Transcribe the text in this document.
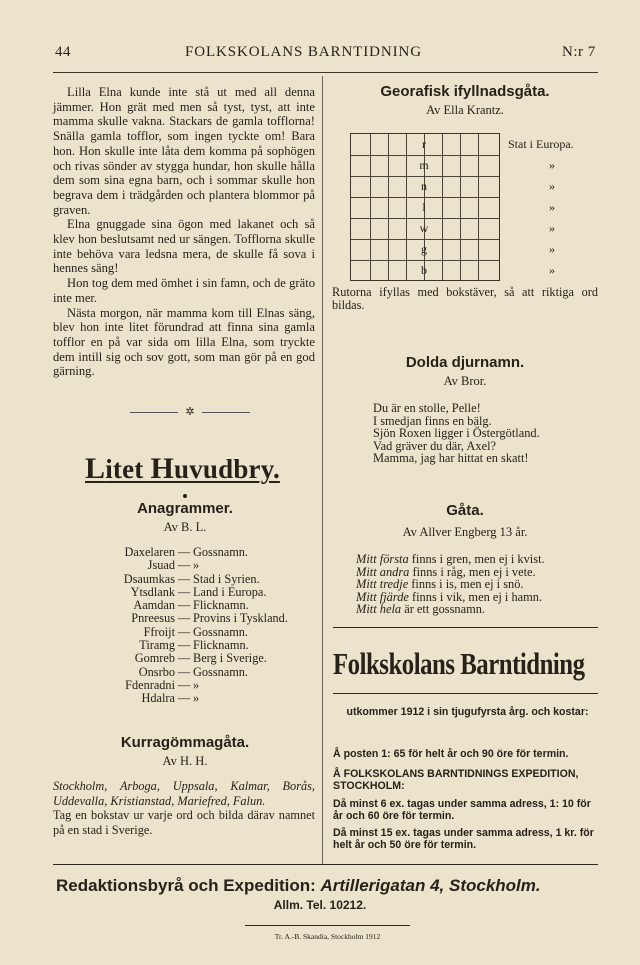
44	FOLKSKOLANS BARNTIDNING	N:r 7

Lilla Elna kunde inte stå ut med all denna jämmer. Hon grät med men så tyst, tyst, att inte mamma skulle vakna. Stackars de gamla tofflorna! Snälla gamla tofflor, som ingen tyckte om! Bara hon. Hon skulle inte låta dem komma på sophögen och rivas sönder av stygga hundar, hon skulle hålla dem som sina egna barn, och i sommar skulle hon begrava dem i trädgården och plantera blommor på graven.

Elna gnuggade sina ögon med lakanet och så klev hon beslutsamt ned ur sängen. Tofflorna skulle inte behöva vara ledsna mera, de skulle få sova i hennes säng!

Hon tog dem med ömhet i sin famn, och de gräto inte mer.

Nästa morgon, när mamma kom till Elnas säng, blev hon inte litet förundrad att finna sina gamla tofflor en på var sida om lilla Elna, som tryckte dem intill sig och sov gott, som man gör på en god gärning.

✲
Litet Huvudbry.
Anagrammer.
Av B. L.
Daxelaren — Gossnamn.
Jsuad — »
Dsaumkas — Stad i Syrien.
Ytsdlank — Land i Europa.
Aamdan — Flicknamn.
Pnreesus — Provins i Tyskland.
Ffroijt — Gossnamn.
Tiramg — Flicknamn.
Gomreb — Berg i Sverige.
Onsrbo — Gossnamn.
Fdenradni — »
Hdalra — »
Kurragömmagåta.
Av H. H.
Stockholm, Arboga, Uppsala, Kalmar, Borås, Uddevalla, Kristianstad, Mariefred, Falun.
Tag en bokstav ur varje ord och bilda därav namnet på en stad i Sverige.
Georafisk ifyllnadsgåta.
Av Ella Krantz.
r
m
n
l
w
g
b
Stat i Europa.
»
»
»
»
»
»
Rutorna ifyllas med bokstäver, så att riktiga ord bildas.
Dolda djurnamn.
Av Bror.
Du är en stolle, Pelle!
I smedjan finns en bälg.
Sjön Roxen ligger i Östergötland.
Vad gräver du där, Axel?
Mamma, jag har hittat en skatt!
Gåta.
Av Allver Engberg 13 år.
Mitt första finns i gren, men ej i kvist.
Mitt andra finns i råg, men ej i vete.
Mitt tredje finns i is, men ej i snö.
Mitt fjärde finns i vik, men ej i hamn.
Mitt hela är ett gossnamn.
Folkskolans Barntidning
utkommer 1912 i sin tjugufyrsta årg. och kostar:
Å posten 1: 65 för helt år och 90 öre för termin.
Å FOLKSKOLANS BARNTIDNINGS EXPEDITION, STOCKHOLM:
Då minst 6 ex. tagas under samma adress, 1: 10 för år och 60 öre för termin.
Då minst 15 ex. tagas under samma adress, 1 kr. för helt år och 50 öre för termin.
Redaktionsbyrå och Expedition: Artillerigatan 4, Stockholm.
Allm. Tel. 10212.
Tr. A.-B. Skandia, Stockholm 1912
